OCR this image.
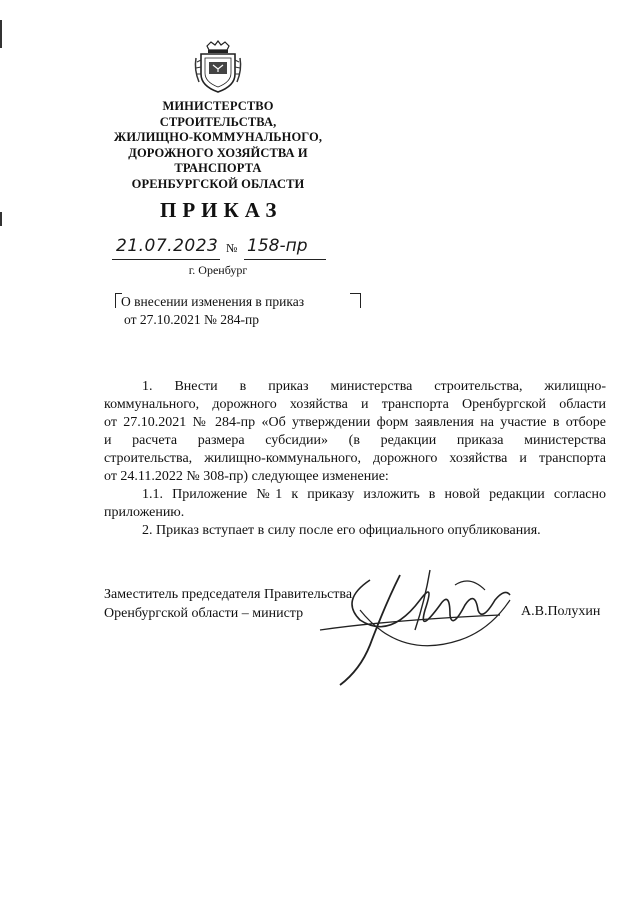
МИНИСТЕРСТВО
СТРОИТЕЛЬСТВА,
ЖИЛИЩНО-КОММУНАЛЬНОГО,
ДОРОЖНОГО ХОЗЯЙСТВА И
ТРАНСПОРТА
ОРЕНБУРГСКОЙ ОБЛАСТИ
ПРИКАЗ
21.07.2023 № 158-пр
г. Оренбург
О внесении изменения в приказ
от 27.10.2021 № 284-пр

1. Внести в приказ министерства строительства, жилищно-

коммунального, дорожного хозяйства и транспорта Оренбургской области

от 27.10.2021 № 284-пр «Об утверждении форм заявления на участие в отборе

и расчета размера субсидии» (в редакции приказа министерства

строительства, жилищно-коммунального, дорожного хозяйства и транспорта

от 24.11.2022 № 308-пр) следующее изменение:

1.1. Приложение №1 к приказу изложить в новой редакции согласно

приложению.

2. Приказ вступает в силу после его официального опубликования.

Заместитель председателя Правительства
Оренбургской области – министр	А.В.Полухин
